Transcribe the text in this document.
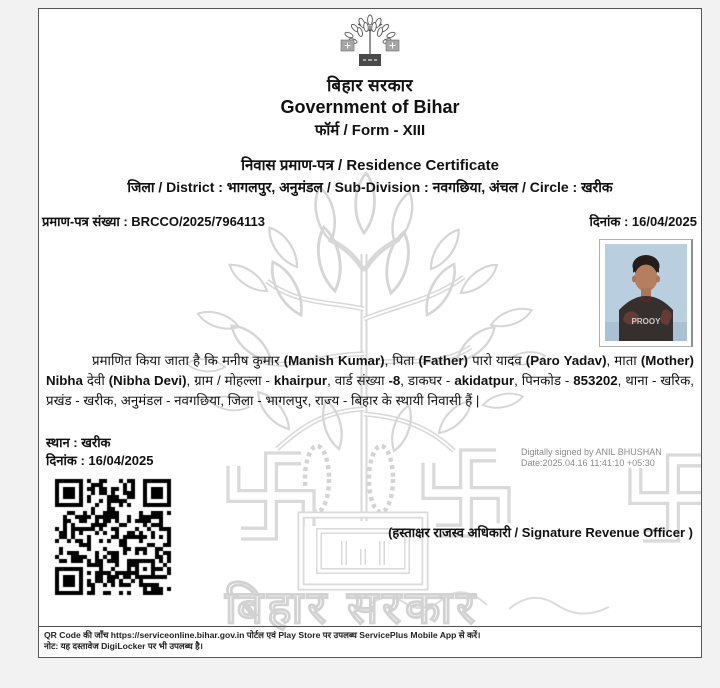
बिहार सरकार
बिहार सरकार
Government of Bihar
फॉर्म / Form - XIII
निवास प्रमाण-पत्र / Residence Certificate
जिला / District : भागलपुर, अनुमंडल / Sub-Division : नवगछिया, अंचल / Circle : खरीक
प्रमाण-पत्र संख्या : BRCCO/2025/7964113	दिनांक : 16/04/2025
PROOY

प्रमाणित किया जाता है कि मनीष कुमार (Manish Kumar), पिता (Father) पारो यादव (Paro Yadav), माता (Mother) Nibha देवी (Nibha Devi), ग्राम / मोहल्ला - khairpur, वार्ड संख्या -8, डाकघर - akidatpur, पिनकोड - 853202, थाना - खरिक, प्रखंड - खरीक, अनुमंडल - नवगछिया, जिला - भागलपुर, राज्य - बिहार के स्थायी निवासी हैं |

स्थान : खरीक
दिनांक : 16/04/2025
Digitally signed by ANIL BHUSHAN
Date:2025.04.16 11:41:10 +05:30
(हस्ताक्षर राजस्व अधिकारी / Signature Revenue Officer )
QR Code की जाँच https://serviceonline.bihar.gov.in पोर्टल एवं Play Store पर उपलब्ध ServicePlus Mobile App से करें।
नोट: यह दस्तावेज DigiLocker पर भी उपलब्ध है।
